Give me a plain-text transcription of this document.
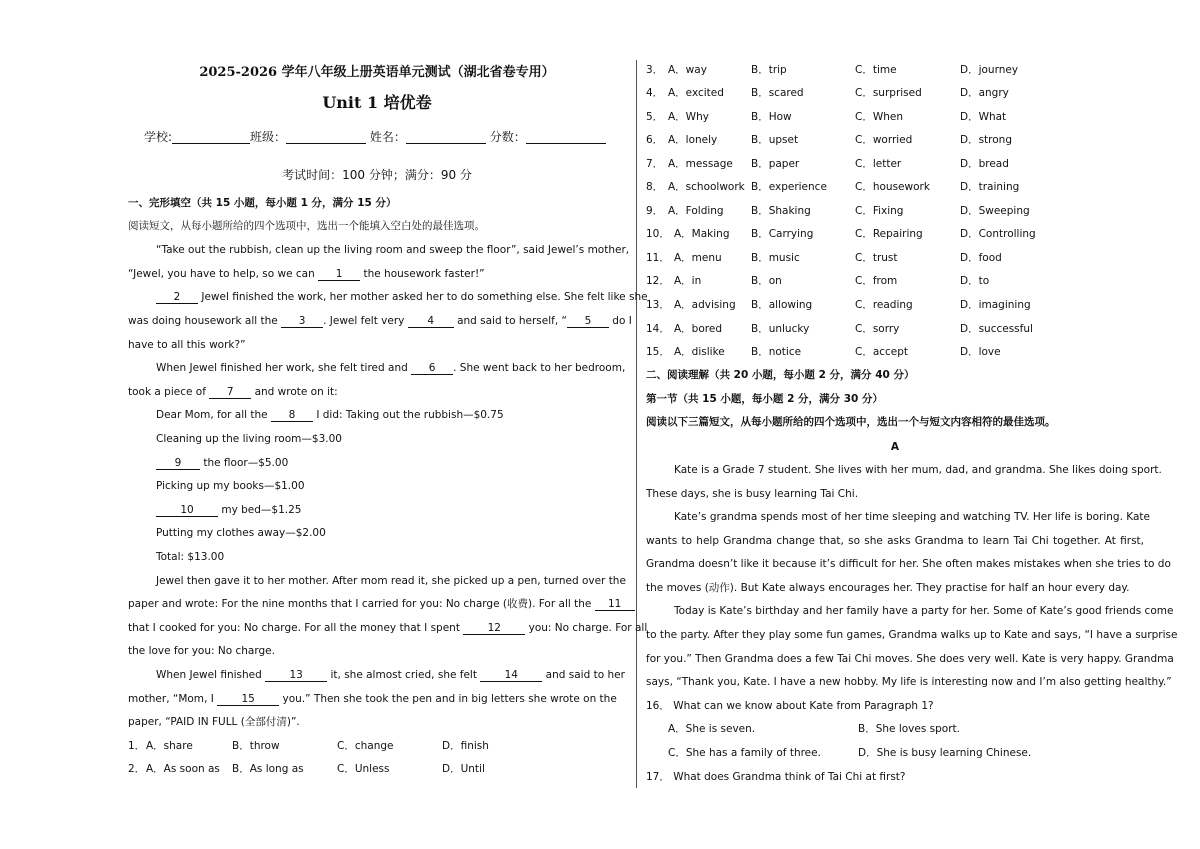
2025-2026 学年八年级上册英语单元测试（湖北省卷专用）
Unit 1 培优卷
学校:	班级：	姓名：	分数：
考试时间：100 分钟；满分：90 分
一、完形填空（共 15 小题，每小题 1 分，满分 15 分）
阅读短文，从每小题所给的四个选项中，选出一个能填入空白处的最佳选项。
“Take out the rubbish, clean up the living room and sweep the floor”, said Jewel’s mother,
“Jewel, you have to help, so we can 1 the housework faster!”
2 Jewel finished the work, her mother asked her to do something else. She felt like she
was doing housework all the 3 . Jewel felt very 4 and said to herself, “ 5 do I
have to all this work?”
When Jewel finished her work, she felt tired and 6 . She went back to her bedroom,
took a piece of 7 and wrote on it:
Dear Mom, for all the 8 I did: Taking out the rubbish—$0.75
Cleaning up the living room—$3.00
9 the floor—$5.00
Picking up my books—$1.00
10	my bed—$1.25
Putting my clothes away—$2.00
Total: $13.00
Jewel then gave it to her mother. After mom read it, she picked up a pen, turned over the
paper and wrote: For the nine months that I carried for you: No charge (收费). For all the 11
that I cooked for you: No charge. For all the money that I spent	12	you: No charge. For all
the love for you: No charge.
When Jewel finished	13	it, she almost cried, she felt	14	and said to her
mother, “Mom, I	15	you.” Then she took the pen and in big letters she wrote on the
paper, “PAID IN FULL (全部付清)”.
1． A．share	B．throw	C．change	D．finish
2． A．As soon as B．As long as	C．Unless	D．Until
3． A．way	B．trip	C．time	D．journey
4． A．excited	B．scared	C．surprised	D．angry
5． A．Why	B．How	C．When	D．What
6． A．lonely	B．upset	C．worried	D．strong
7． A．message B．paper	C．letter	D．bread
8． A．schoolwork B．experience	C．housework	D．training
9． A．Folding	B．Shaking	C．Fixing	D．Sweeping
10． A．Making B．Carrying	C．Repairing	D．Controlling
11． A．menu	B．music	C．trust	D．food
12． A．in	B．on	C．from	D．to
13． A．advising B．allowing	C．reading	D．imagining
14． A．bored	B．unlucky	C．sorry	D．successful
15． A．dislike	B．notice	C．accept	D．love
二、阅读理解（共 20 小题，每小题 2 分，满分 40 分）
第一节（共 15 小题，每小题 2 分，满分 30 分）
阅读以下三篇短文，从每小题所给的四个选项中，选出一个与短文内容相符的最佳选项。
A
Kate is a Grade 7 student. She lives with her mum, dad, and grandma. She likes doing sport.
These days, she is busy learning Tai Chi.
Kate’s grandma spends most of her time sleeping and watching TV. Her life is boring. Kate
wants to help Grandma change that, so she asks Grandma to learn Tai Chi together. At first,
Grandma doesn’t like it because it’s difficult for her. She often makes mistakes when she tries to do
the moves (动作). But Kate always encourages her. They practise for half an hour every day.
Today is Kate’s birthday and her family have a party for her. Some of Kate’s good friends come
to the party. After they play some fun games, Grandma walks up to Kate and says, “I have a surprise
for you.” Then Grandma does a few Tai Chi moves. She does very well. Kate is very happy. Grandma
says, “Thank you, Kate. I have a new hobby. My life is interesting now and I’m also getting healthy.”
16． What can we know about Kate from Paragraph 1?
A．She is seven.	B．She loves sport.
C．She has a family of three.	D．She is busy learning Chinese.
17． What does Grandma think of Tai Chi at first?
